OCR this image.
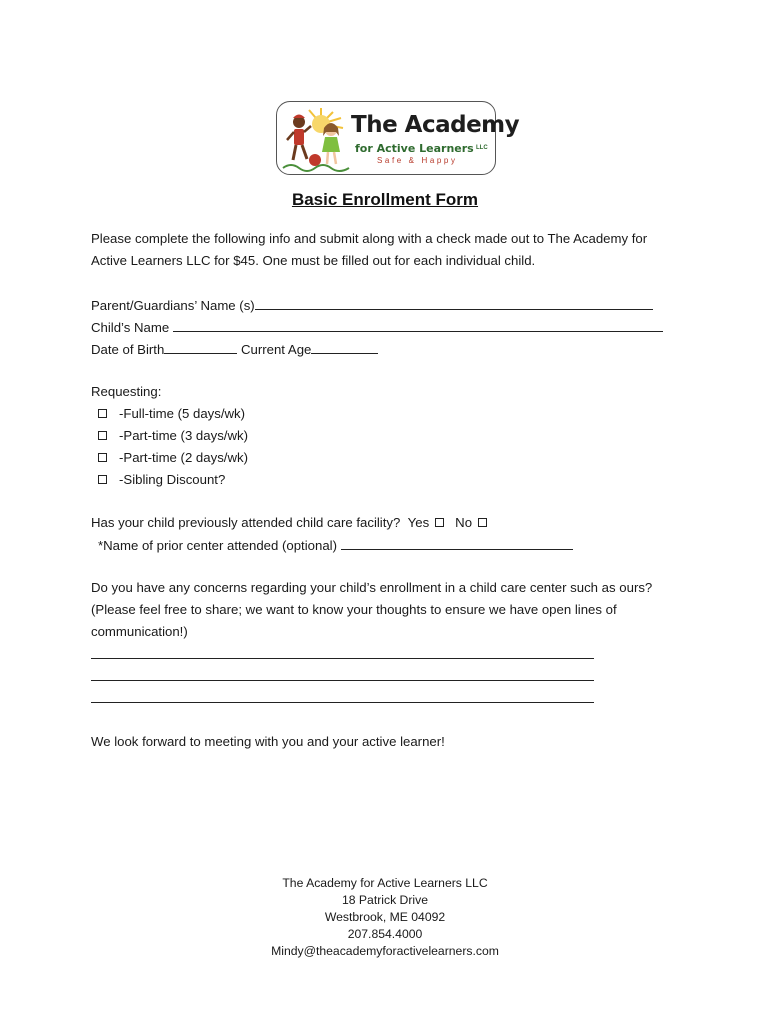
The Academy
for Active Learners LLC
Safe & Happy
Basic Enrollment Form
Please complete the following info and submit along with a check made out to The Academy for
Active Learners LLC for $45. One must be filled out for each individual child.
Parent/Guardians’ Name (s)
Child’s Name
Date of Birth	Current Age
Requesting:
-Full-time (5 days/wk)
-Part-time (3 days/wk)
-Part-time (2 days/wk)
-Sibling Discount?
Has your child previously attended child care facility? Yes No
*Name of prior center attended (optional)
Do you have any concerns regarding your child’s enrollment in a child care center such as ours?
(Please feel free to share; we want to know your thoughts to ensure we have open lines of
communication!)
We look forward to meeting with you and your active learner!
The Academy for Active Learners LLC
18 Patrick Drive
Westbrook, ME 04092
207.854.4000
Mindy@theacademyforactivelearners.com
